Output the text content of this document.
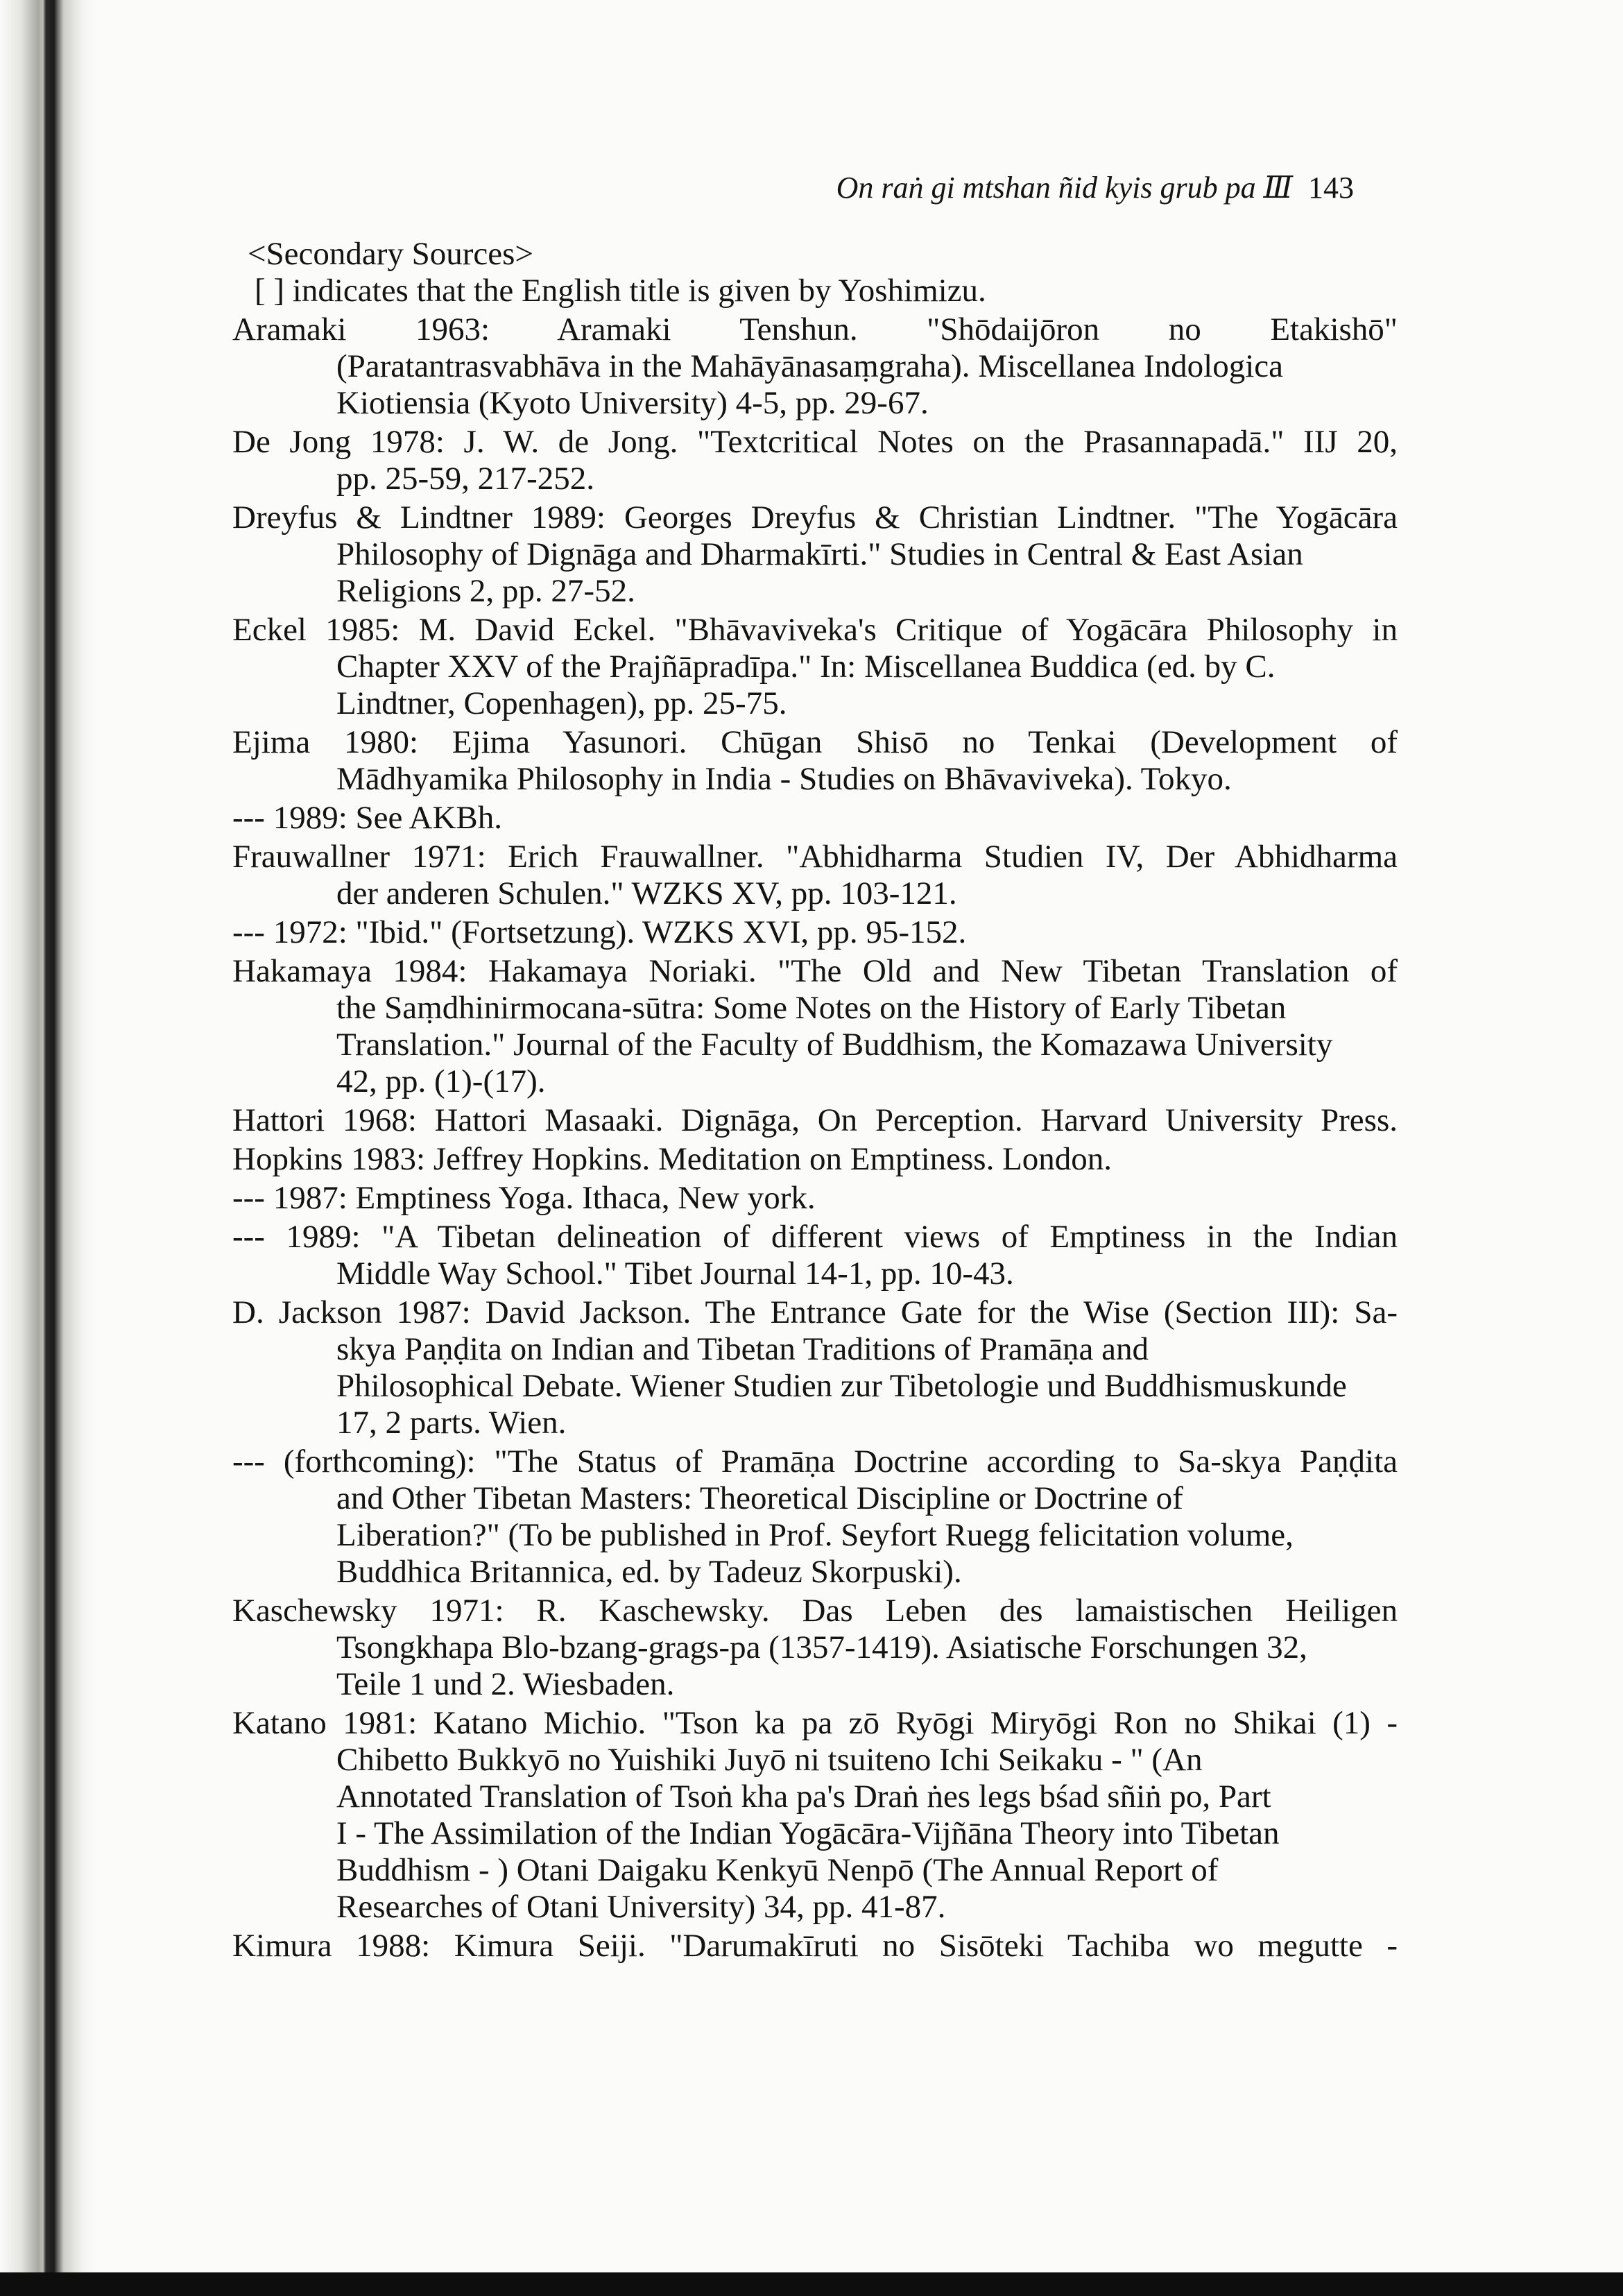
On raṅ gi mtshan ñid kyis grub pa Ⅲ 143
<Secondary Sources>
[ ] indicates that the English title is given by Yoshimizu.
Aramaki 1963: Aramaki Tenshun. "Shōdaijōron no Etakishō"
(Paratantrasvabhāva in the Mahāyānasaṃgraha). Miscellanea Indologica
Kiotiensia (Kyoto University) 4-5, pp. 29-67.
De Jong 1978: J. W. de Jong. "Textcritical Notes on the Prasannapadā." IIJ 20,
pp. 25-59, 217-252.
Dreyfus & Lindtner 1989: Georges Dreyfus & Christian Lindtner. "The Yogācāra
Philosophy of Dignāga and Dharmakīrti." Studies in Central & East Asian
Religions 2, pp. 27-52.
Eckel 1985: M. David Eckel. "Bhāvaviveka's Critique of Yogācāra Philosophy in
Chapter XXV of the Prajñāpradīpa." In: Miscellanea Buddica (ed. by C.
Lindtner, Copenhagen), pp. 25-75.
Ejima 1980: Ejima Yasunori. Chūgan Shisō no Tenkai (Development of
Mādhyamika Philosophy in India - Studies on Bhāvaviveka). Tokyo.
--- 1989: See AKBh.
Frauwallner 1971: Erich Frauwallner. "Abhidharma Studien IV, Der Abhidharma
der anderen Schulen." WZKS XV, pp. 103-121.
--- 1972: "Ibid." (Fortsetzung). WZKS XVI, pp. 95-152.
Hakamaya 1984: Hakamaya Noriaki. "The Old and New Tibetan Translation of
the Saṃdhinirmocana-sūtra: Some Notes on the History of Early Tibetan
Translation." Journal of the Faculty of Buddhism, the Komazawa University
42, pp. (1)-(17).
Hattori 1968: Hattori Masaaki. Dignāga, On Perception. Harvard University Press.
Hopkins 1983: Jeffrey Hopkins. Meditation on Emptiness. London.
--- 1987: Emptiness Yoga. Ithaca, New york.
--- 1989: "A Tibetan delineation of different views of Emptiness in the Indian
Middle Way School." Tibet Journal 14-1, pp. 10-43.
D. Jackson 1987: David Jackson. The Entrance Gate for the Wise (Section III): Sa-
skya Paṇḍita on Indian and Tibetan Traditions of Pramāṇa and
Philosophical Debate. Wiener Studien zur Tibetologie und Buddhismuskunde
17, 2 parts. Wien.
--- (forthcoming): "The Status of Pramāṇa Doctrine according to Sa-skya Paṇḍita
and Other Tibetan Masters: Theoretical Discipline or Doctrine of
Liberation?" (To be published in Prof. Seyfort Ruegg felicitation volume,
Buddhica Britannica, ed. by Tadeuz Skorpuski).
Kaschewsky 1971: R. Kaschewsky. Das Leben des lamaistischen Heiligen
Tsongkhapa Blo-bzang-grags-pa (1357-1419). Asiatische Forschungen 32,
Teile 1 und 2. Wiesbaden.
Katano 1981: Katano Michio. "Tson ka pa zō Ryōgi Miryōgi Ron no Shikai (1) -
Chibetto Bukkyō no Yuishiki Juyō ni tsuiteno Ichi Seikaku - " (An
Annotated Translation of Tsoṅ kha pa's Draṅ ṅes legs bśad sñiṅ po, Part
I - The Assimilation of the Indian Yogācāra-Vijñāna Theory into Tibetan
Buddhism - ) Otani Daigaku Kenkyū Nenpō (The Annual Report of
Researches of Otani University) 34, pp. 41-87.
Kimura 1988: Kimura Seiji. "Darumakīruti no Sisōteki Tachiba wo megutte -
